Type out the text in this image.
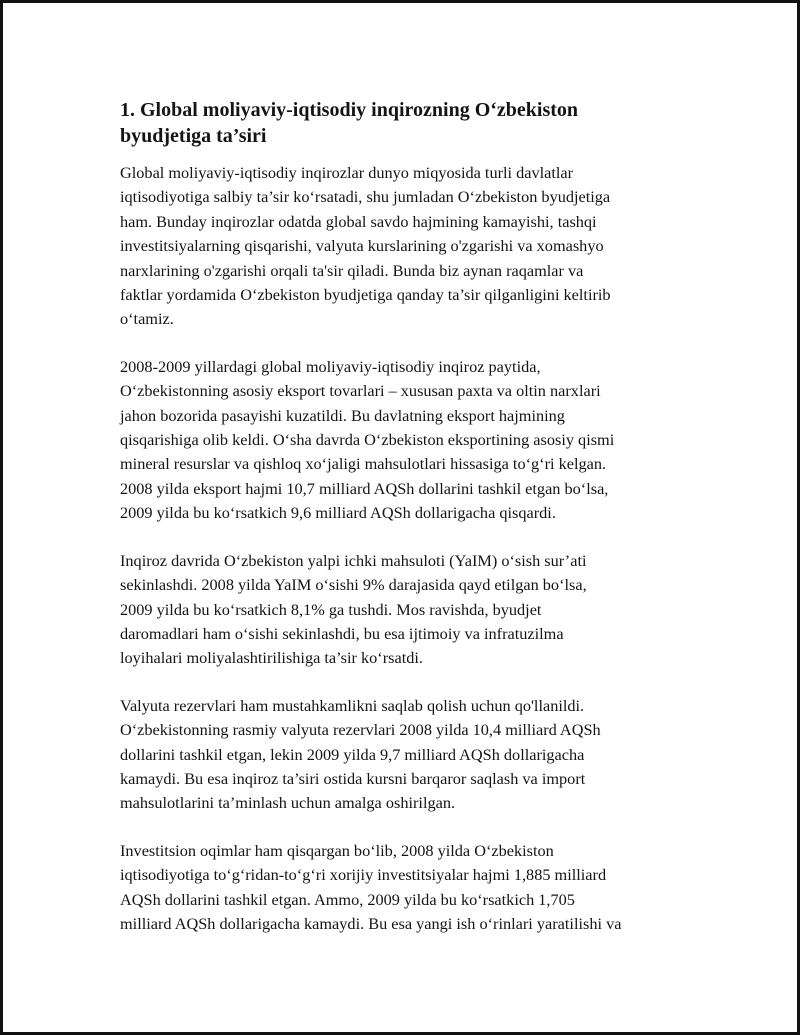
1. Global moliyaviy-iqtisodiy inqirozning O‘zbekiston
byudjetiga ta’siri

Global moliyaviy-iqtisodiy inqirozlar dunyo miqyosida turli davlatlar
iqtisodiyotiga salbiy ta’sir ko‘rsatadi, shu jumladan O‘zbekiston byudjetiga
ham. Bunday inqirozlar odatda global savdo hajmining kamayishi, tashqi
investitsiyalarning qisqarishi, valyuta kurslarining o'zgarishi va xomashyo
narxlarining o'zgarishi orqali ta'sir qiladi. Bunda biz aynan raqamlar va
faktlar yordamida O‘zbekiston byudjetiga qanday ta’sir qilganligini keltirib
o‘tamiz.

2008-2009 yillardagi global moliyaviy-iqtisodiy inqiroz paytida,
O‘zbekistonning asosiy eksport tovarlari – xususan paxta va oltin narxlari
jahon bozorida pasayishi kuzatildi. Bu davlatning eksport hajmining
qisqarishiga olib keldi. O‘sha davrda O‘zbekiston eksportining asosiy qismi
mineral resurslar va qishloq xo‘jaligi mahsulotlari hissasiga to‘g‘ri kelgan.
2008 yilda eksport hajmi 10,7 milliard AQSh dollarini tashkil etgan bo‘lsa,
2009 yilda bu ko‘rsatkich 9,6 milliard AQSh dollarigacha qisqardi.

Inqiroz davrida O‘zbekiston yalpi ichki mahsuloti (YaIM) o‘sish sur’ati
sekinlashdi. 2008 yilda YaIM o‘sishi 9% darajasida qayd etilgan bo‘lsa,
2009 yilda bu ko‘rsatkich 8,1% ga tushdi. Mos ravishda, byudjet
daromadlari ham o‘sishi sekinlashdi, bu esa ijtimoiy va infratuzilma
loyihalari moliyalashtirilishiga ta’sir ko‘rsatdi.

Valyuta rezervlari ham mustahkamlikni saqlab qolish uchun qo'llanildi.
O‘zbekistonning rasmiy valyuta rezervlari 2008 yilda 10,4 milliard AQSh
dollarini tashkil etgan, lekin 2009 yilda 9,7 milliard AQSh dollarigacha
kamaydi. Bu esa inqiroz ta’siri ostida kursni barqaror saqlash va import
mahsulotlarini ta’minlash uchun amalga oshirilgan.

Investitsion oqimlar ham qisqargan bo‘lib, 2008 yilda O‘zbekiston
iqtisodiyotiga to‘g‘ridan-to‘g‘ri xorijiy investitsiyalar hajmi 1,885 milliard
AQSh dollarini tashkil etgan. Ammo, 2009 yilda bu ko‘rsatkich 1,705
milliard AQSh dollarigacha kamaydi. Bu esa yangi ish o‘rinlari yaratilishi va
